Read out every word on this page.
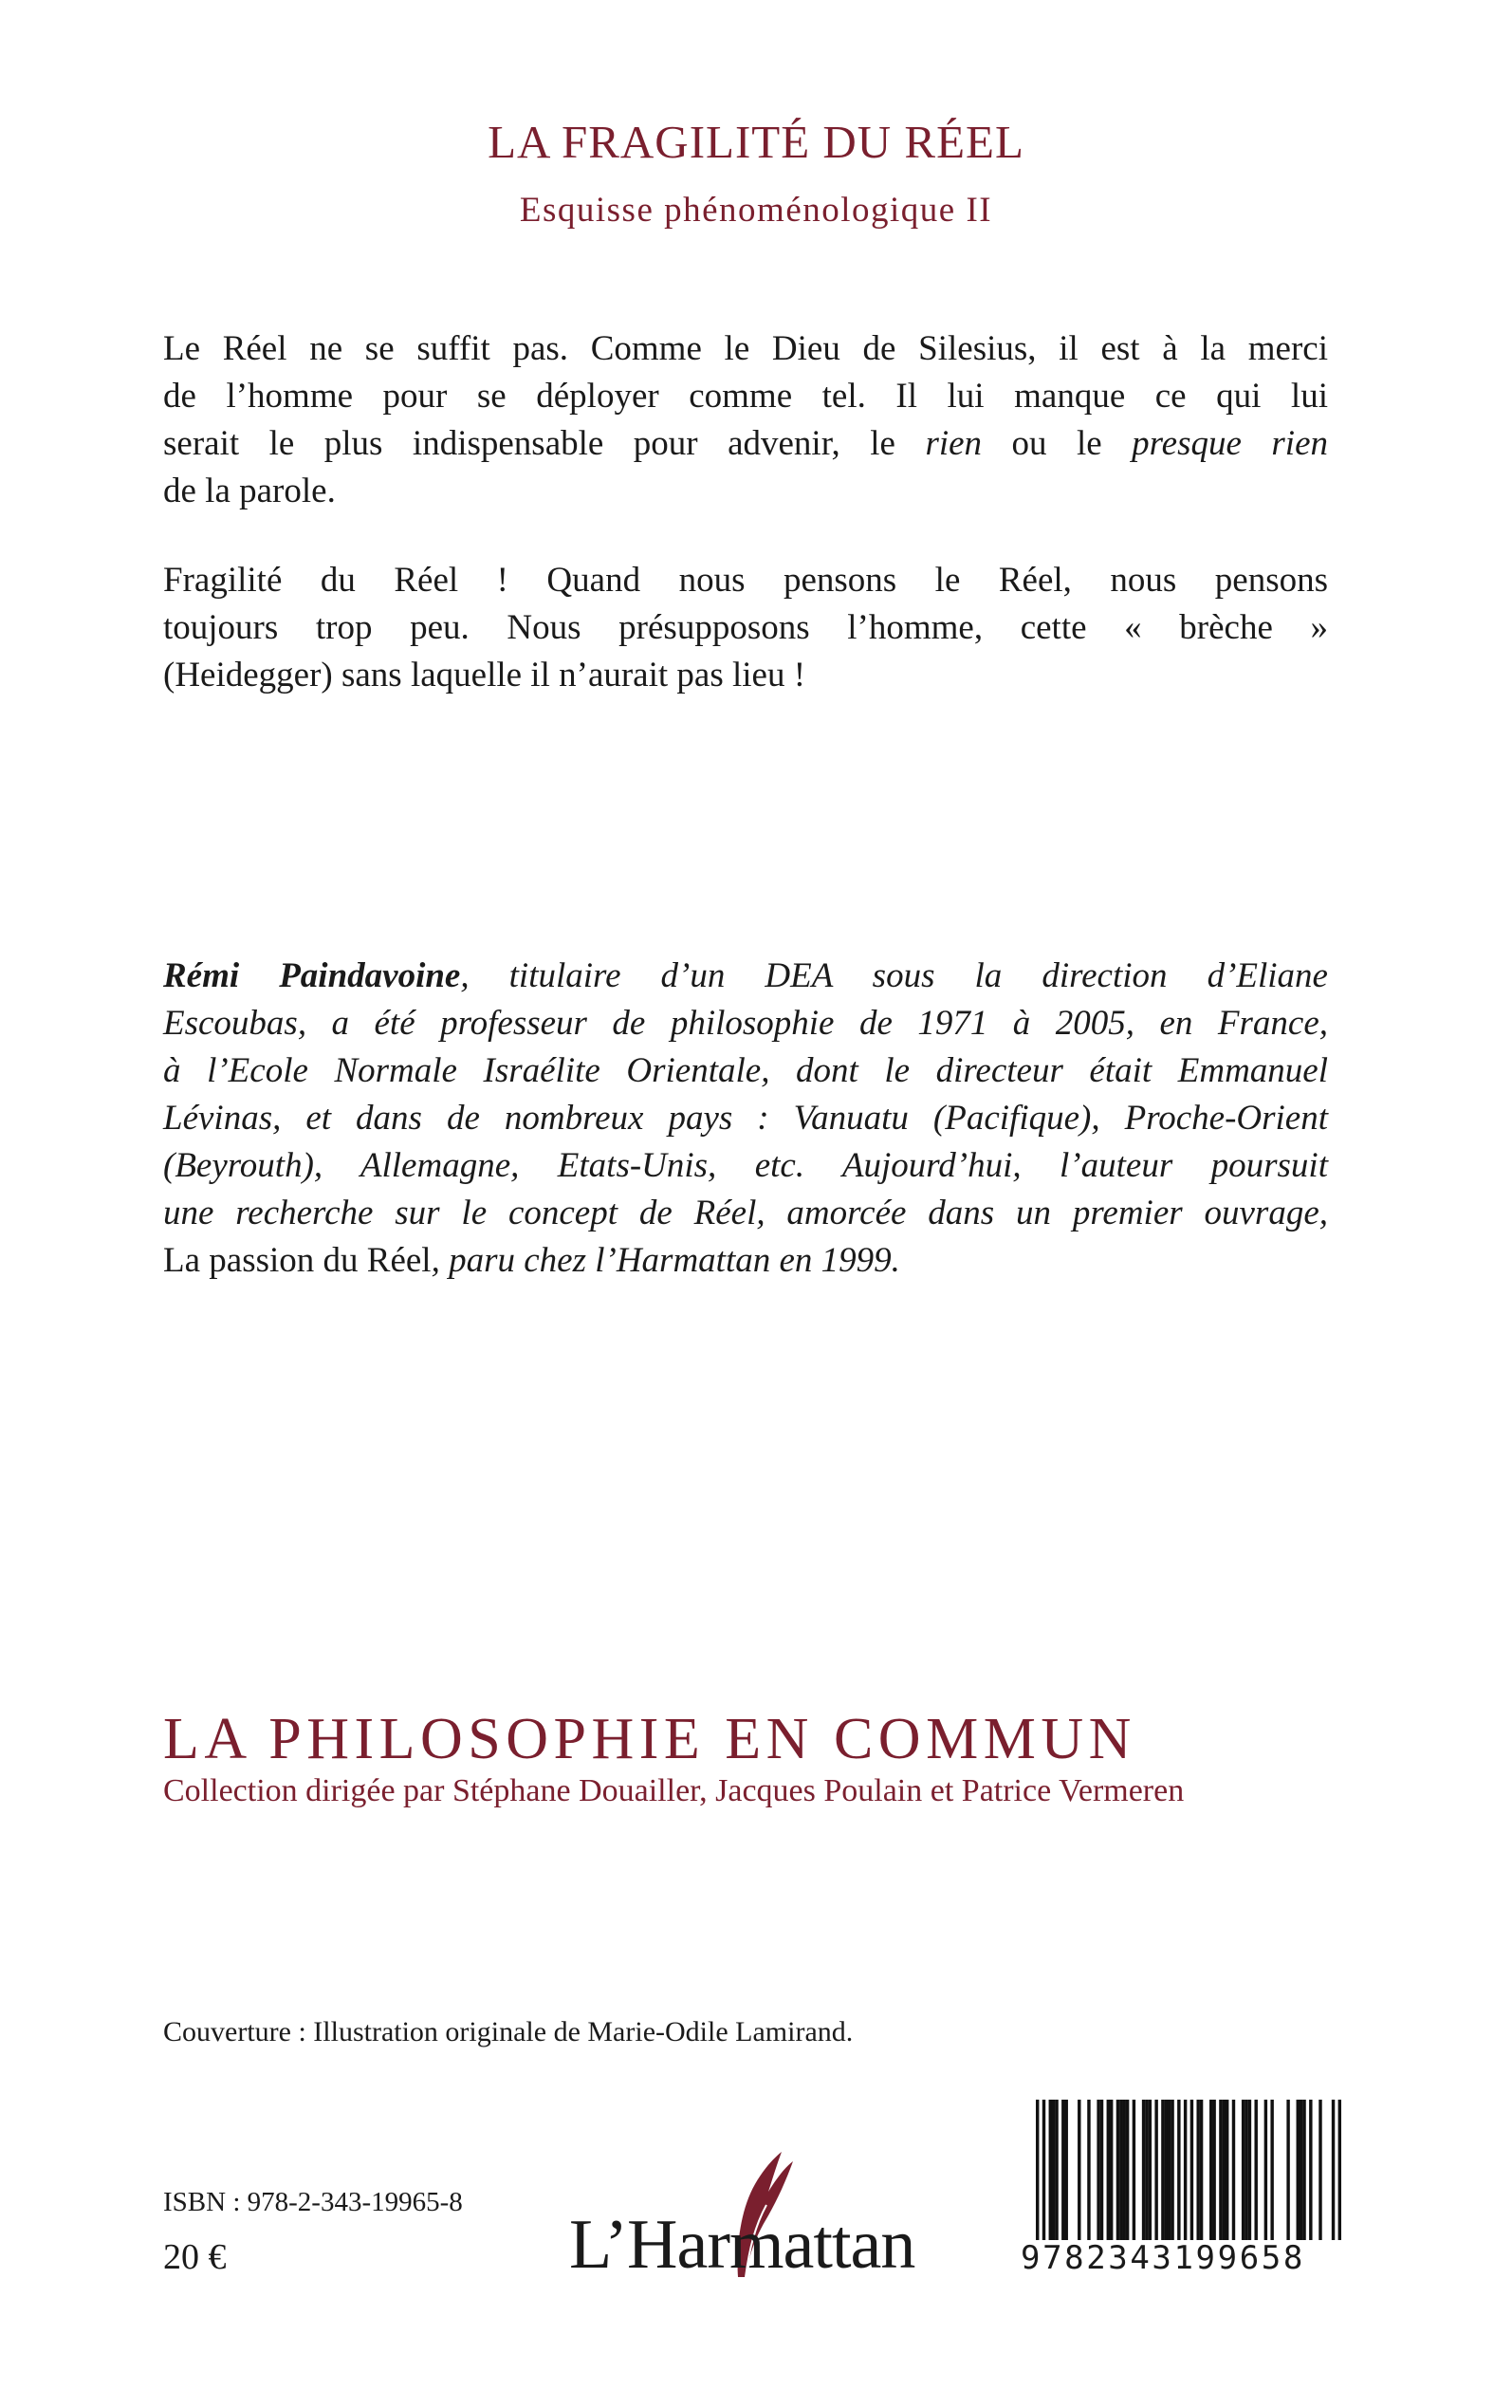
LA FRAGILITÉ DU RÉEL
Esquisse phénoménologique II
Le Réel ne se suffit pas. Comme le Dieu de Silesius, il est à la merci
de l’homme pour se déployer comme tel. Il lui manque ce qui lui
serait le plus indispensable pour advenir, le rien ou le presque rien
de la parole.
Fragilité du Réel ! Quand nous pensons le Réel, nous pensons
toujours trop peu. Nous présupposons l’homme, cette « brèche »
(Heidegger) sans laquelle il n’aurait pas lieu !
Rémi Paindavoine, titulaire d’un DEA sous la direction d’Eliane
Escoubas, a été professeur de philosophie de 1971 à 2005, en France,
à l’Ecole Normale Israélite Orientale, dont le directeur était Emmanuel
Lévinas, et dans de nombreux pays : Vanuatu (Pacifique), Proche-Orient
(Beyrouth), Allemagne, Etats-Unis, etc. Aujourd’hui, l’auteur poursuit
une recherche sur le concept de Réel, amorcée dans un premier ouvrage,
La passion du Réel, paru chez l’Harmattan en 1999.
LA PHILOSOPHIE EN COMMUN
Collection dirigée par Stéphane Douailler, Jacques Poulain et Patrice Vermeren
Couverture : Illustration originale de Marie-Odile Lamirand.
ISBN : 978-2-343-19965-8
20 €	L’Harmattan	9782343199658
